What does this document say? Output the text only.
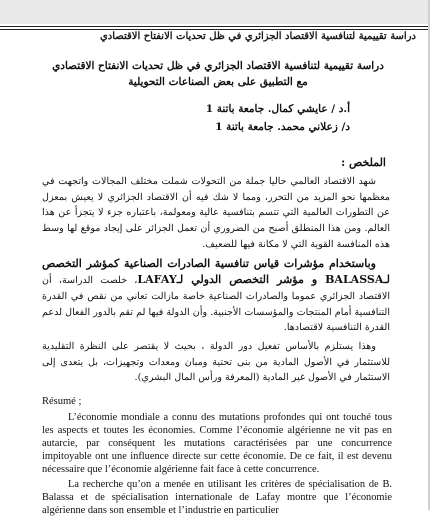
دراسة تقييمية لتنافسية الاقتصاد الجزائري في ظل تحديات الانفتاح الاقتصادي
دراسة تقييمية لتنافسية الاقتصاد الجزائري في ظل تحديات الانفتاح الاقتصادي
مع التطبيق على بعض الصناعات التحويلية
أ.د / عايشي كمال. جامعة باتنة 1
د/ زعلاني محمد. جامعة باتنة 1
الملخص :

شهد الاقتصاد العالمي حاليا جملة من التحولات شملت مختلف المجالات واتجهت في معظمها نحو المزيد من التحرر، ومما لا شك فيه أن الاقتصاد الجزائري لا يعيش بمعزل عن التطورات العالمية التي تتسم بتنافسية عالية ومعولمة، باعتباره جزء لا يتجزأ عن هذا العالم. ومن هذا المنطلق أصبح من الضروري أن تعمل الجزائر على إيجاد موقع لها وسط هذه المنافسة القوية التي لا مكانة فيها للضعيف.

وباستخدام مؤشرات قياس تنافسية الصادرات الصناعية كمؤشر التخصص لـBALASSA و مؤشر التخصص الدولي لـLAFAY، خلصت الدراسة، أن الاقتصاد الجزائري عموما والصادرات الصناعية خاصة مازالت تعاني من نقص في القدرة التنافسية أمام المنتجات والمؤسسات الأجنبية. وأن الدولة فيها لم تقم بالدور الفعال لدعم القدرة التنافسية لاقتصادها.

وهذا يستلزم بالأساس تفعيل دور الدولة ، بحيث لا يقتصر على النظرة التقليدية للاستثمار في الأصول المادية من بنى تحتية ومبان ومعدات وتجهيزات، بل يتعدى إلى الاستثمار في الأصول غير المادية (المعرفة ورأس المال البشري).

Résumé ;

L’économie mondiale a connu des mutations profondes qui ont touché tous les aspects et toutes les économies. Comme l’économie algérienne ne vit pas en autarcie, par conséquent les mutations caractérisées par une concurrence impitoyable ont une influence directe sur cette économie. De ce fait, il est devenu nécessaire que l’économie algérienne fait face à cette concurrence.

La recherche qu’on a menée en utilisant les critères de spécialisation de B. Balassa et de spécialisation internationale de Lafay montre que l’économie algérienne dans son ensemble et l’industrie en particulier
